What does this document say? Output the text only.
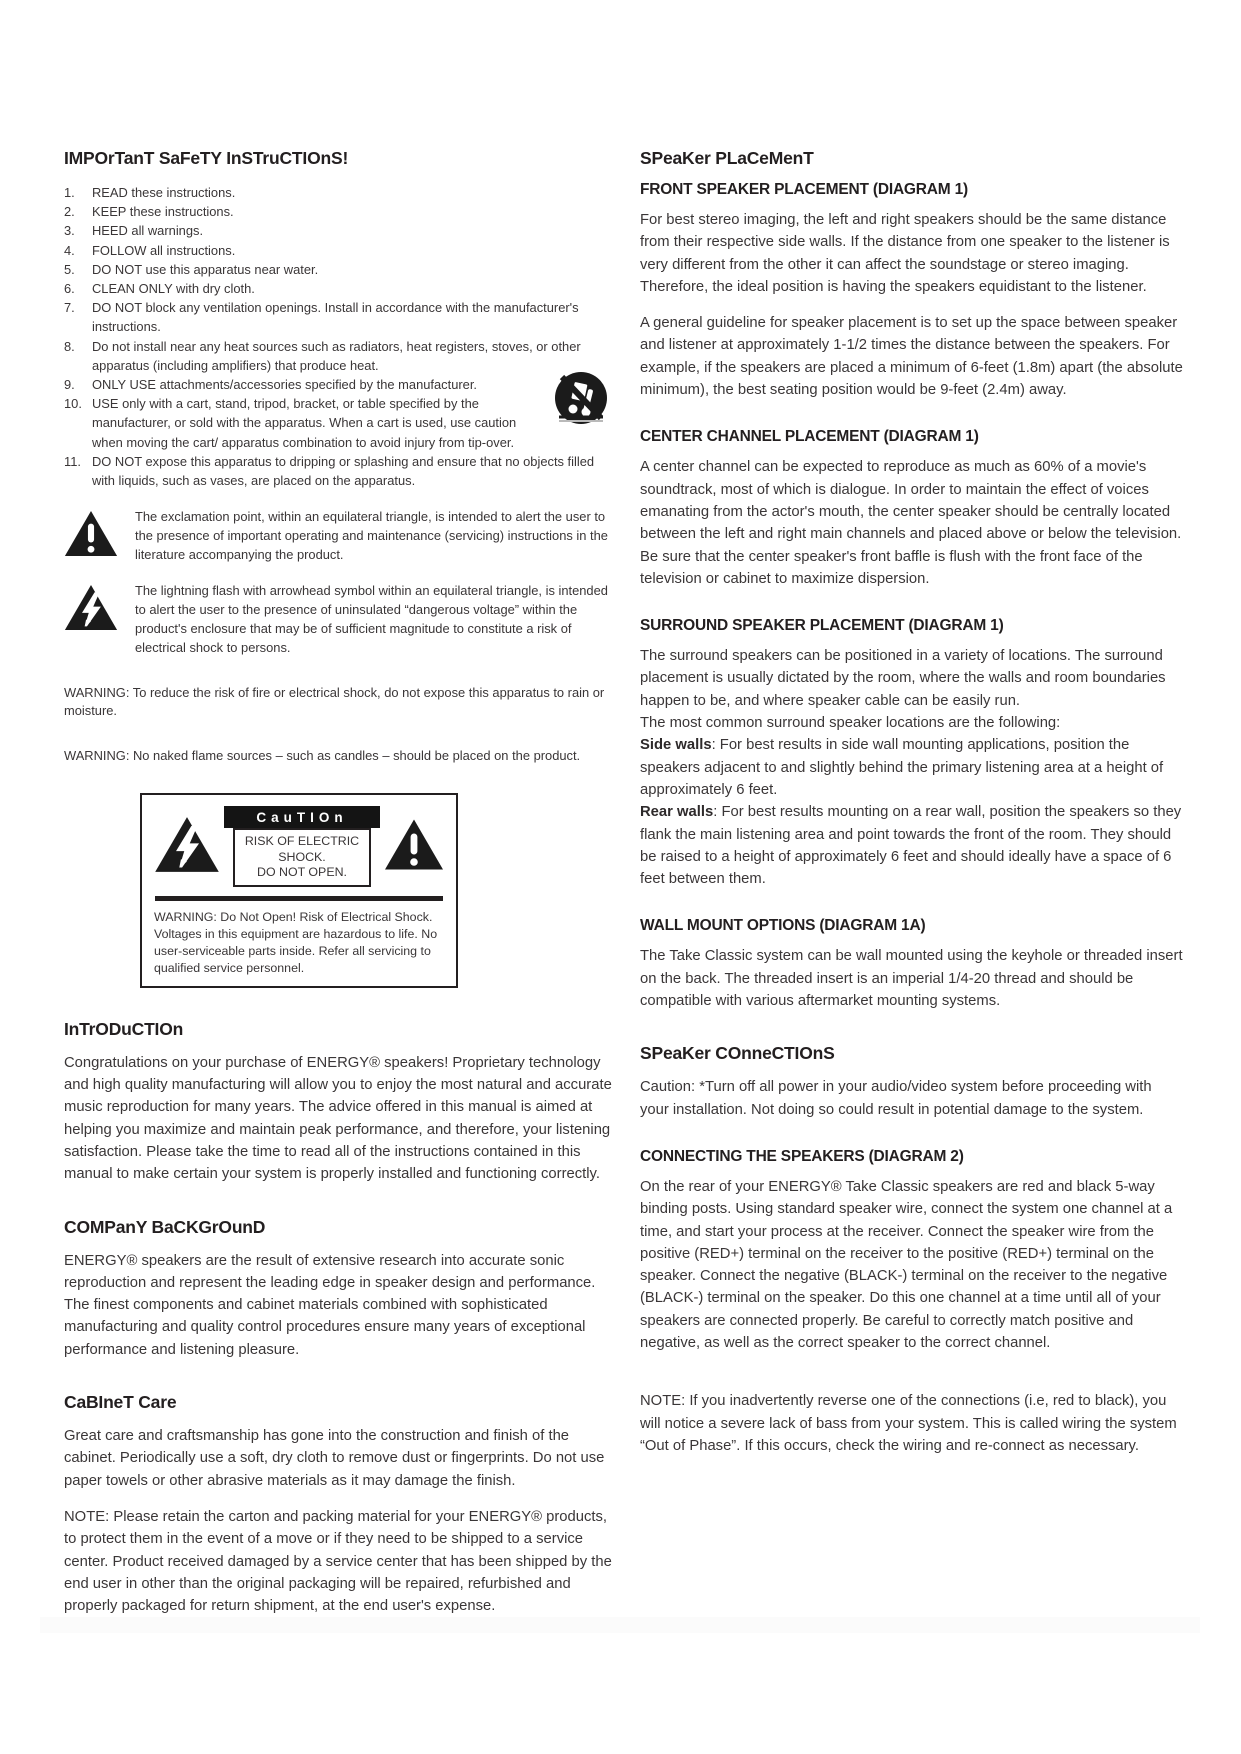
IMPOrTanT SaFeTY InSTruCTIOnS!
1. READ these instructions.
2. KEEP these instructions.
3. HEED all warnings.
4. FOLLOW all instructions.
5. DO NOT use this apparatus near water.
6. CLEAN ONLY with dry cloth.
7. DO NOT block any ventilation openings. Install in accordance with the manufacturer's instructions.
8. Do not install near any heat sources such as radiators, heat registers, stoves, or other apparatus (including amplifiers) that produce heat.
9. ONLY USE attachments/accessories specified by the manufacturer.
10. USE only with a cart, stand, tripod, bracket, or table specified by the manufacturer, or sold with the apparatus. When a cart is used, use caution when moving the cart/ apparatus combination to avoid injury from tip-over.
11. DO NOT expose this apparatus to dripping or splashing and ensure that no objects filled with liquids, such as vases, are placed on the apparatus.

The exclamation point, within an equilateral triangle, is intended to alert the user to the presence of important operating and maintenance (servicing) instructions in the literature accompanying the product.

The lightning flash with arrowhead symbol within an equilateral triangle, is intended to alert the user to the presence of uninsulated “dangerous voltage” within the product's enclosure that may be of sufficient magnitude to constitute a risk of electrical shock to persons.

WARNING: To reduce the risk of fire or electrical shock, do not expose this apparatus to rain or moisture.

WARNING: No naked flame sources – such as candles – should be placed on the product.

CauTIOn
RISK OF ELECTRIC SHOCK.
DO NOT OPEN.

WARNING: Do Not Open! Risk of Electrical Shock. Voltages in this equipment are hazardous to life. No user-serviceable parts inside. Refer all servicing to qualified service personnel.

InTrODuCTIOn

Congratulations on your purchase of ENERGY® speakers! Proprietary technology and high quality manufacturing will allow you to enjoy the most natural and accurate music reproduction for many years. The advice offered in this manual is aimed at helping you maximize and maintain peak performance, and therefore, your listening satisfaction. Please take the time to read all of the instructions contained in this manual to make certain your system is properly installed and functioning correctly.

COMPanY BaCKGrOunD

ENERGY® speakers are the result of extensive research into accurate sonic reproduction and represent the leading edge in speaker design and performance. The finest components and cabinet materials combined with sophisticated manufacturing and quality control procedures ensure many years of exceptional performance and listening pleasure.

CaBIneT Care

Great care and craftsmanship has gone into the construction and finish of the cabinet. Periodically use a soft, dry cloth to remove dust or fingerprints. Do not use paper towels or other abrasive materials as it may damage the finish.

NOTE: Please retain the carton and packing material for your ENERGY® products, to protect them in the event of a move or if they need to be shipped to a service center. Product received damaged by a service center that has been shipped by the end user in other than the original packaging will be repaired, refurbished and properly packaged for return shipment, at the end user's expense.

SPeaKer PLaCeMenT
FRONT SPEAKER PLACEMENT (DIAGRAM 1)

For best stereo imaging, the left and right speakers should be the same distance from their respective side walls. If the distance from one speaker to the listener is very different from the other it can affect the soundstage or stereo imaging. Therefore, the ideal position is having the speakers equidistant to the listener.

A general guideline for speaker placement is to set up the space between speaker and listener at approximately 1-1/2 times the distance between the speakers. For example, if the speakers are placed a minimum of 6-feet (1.8m) apart (the absolute minimum), the best seating position would be 9-feet (2.4m) away.

CENTER CHANNEL PLACEMENT (DIAGRAM 1)

A center channel can be expected to reproduce as much as 60% of a movie's soundtrack, most of which is dialogue. In order to maintain the effect of voices emanating from the actor's mouth, the center speaker should be centrally located between the left and right main channels and placed above or below the television. Be sure that the center speaker's front baffle is flush with the front face of the television or cabinet to maximize dispersion.

SURROUND SPEAKER PLACEMENT (DIAGRAM 1)

The surround speakers can be positioned in a variety of locations. The surround placement is usually dictated by the room, where the walls and room boundaries happen to be, and where speaker cable can be easily run.

The most common surround speaker locations are the following:

Side walls: For best results in side wall mounting applications, position the speakers adjacent to and slightly behind the primary listening area at a height of approximately 6 feet.

Rear walls: For best results mounting on a rear wall, position the speakers so they flank the main listening area and point towards the front of the room. They should be raised to a height of approximately 6 feet and should ideally have a space of 6 feet between them.

WALL MOUNT OPTIONS (DIAGRAM 1A)

The Take Classic system can be wall mounted using the keyhole or threaded insert on the back. The threaded insert is an imperial 1/4-20 thread and should be compatible with various aftermarket mounting systems.

SPeaKer COnneCTIOnS

Caution: *Turn off all power in your audio/video system before proceeding with your installation. Not doing so could result in potential damage to the system.

CONNECTING THE SPEAKERS (DIAGRAM 2)

On the rear of your ENERGY® Take Classic speakers are red and black 5-way binding posts. Using standard speaker wire, connect the system one channel at a time, and start your process at the receiver. Connect the speaker wire from the positive (RED+) terminal on the receiver to the positive (RED+) terminal on the speaker. Connect the negative (BLACK-) terminal on the receiver to the negative (BLACK-) terminal on the speaker. Do this one channel at a time until all of your speakers are connected properly. Be careful to correctly match positive and negative, as well as the correct speaker to the correct channel.

NOTE: If you inadvertently reverse one of the connections (i.e, red to black), you will notice a severe lack of bass from your system. This is called wiring the system “Out of Phase”. If this occurs, check the wiring and re-connect as necessary.
